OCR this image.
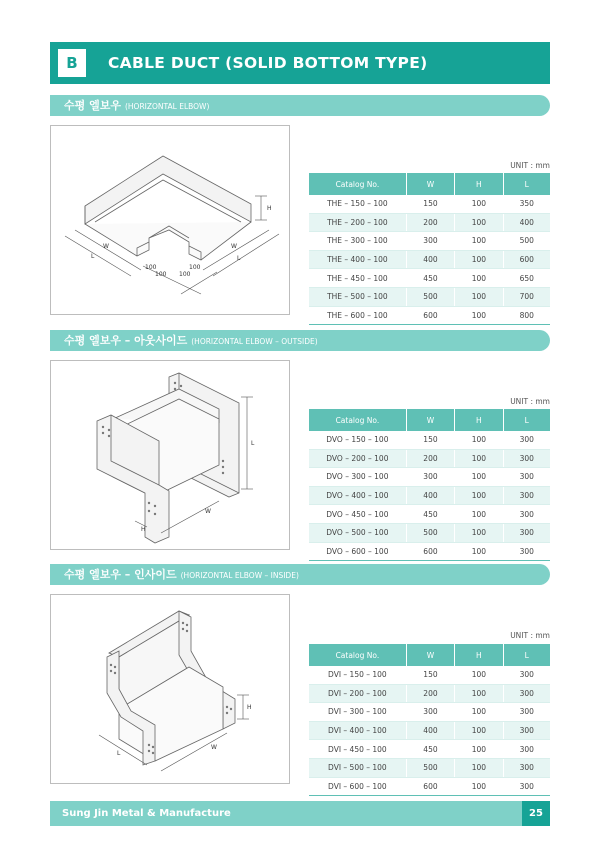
B	CABLE DUCT (SOLID BOTTOM TYPE)
수평 엘보우 (HORIZONTAL ELBOW)
H
W
L
W
L
100
100
100
100
UNIT : mm
Catalog No.	W	H	L
THE – 150 – 100	150	100	350
THE – 200 – 100	200	100	400
THE – 300 – 100	300	100	500
THE – 400 – 100	400	100	600
THE – 450 – 100	450	100	650
THE – 500 – 100	500	100	700
THE – 600 – 100	600	100	800
수평 엘보우 – 아웃사이드 (HORIZONTAL ELBOW – OUTSIDE)
L
H
W
UNIT : mm
Catalog No.	W	H	L
DVO – 150 – 100	150	100	300
DVO – 200 – 100	200	100	300
DVO – 300 – 100	300	100	300
DVO – 400 – 100	400	100	300
DVO – 450 – 100	450	100	300
DVO – 500 – 100	500	100	300
DVO – 600 – 100	600	100	300
수평 엘보우 – 인사이드 (HORIZONTAL ELBOW – INSIDE)
H
L
W
UNIT : mm
Catalog No.	W	H	L
DVI – 150 – 100	150	100	300
DVI – 200 – 100	200	100	300
DVI – 300 – 100	300	100	300
DVI – 400 – 100	400	100	300
DVI – 450 – 100	450	100	300
DVI – 500 – 100	500	100	300
DVI – 600 – 100	600	100	300
Sung Jin Metal & Manufacture	25
